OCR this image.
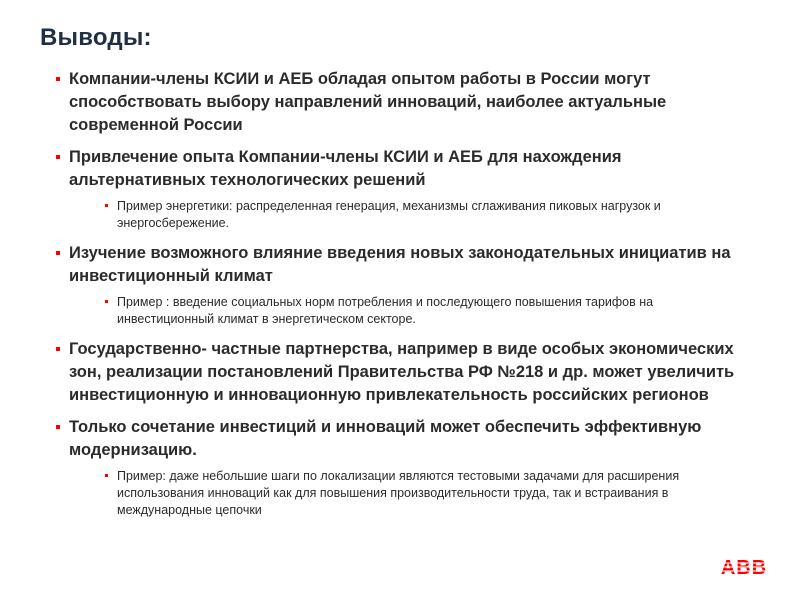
Выводы:
Компании-члены КСИИ и АЕБ обладая опытом работы в России могут способствовать выбору направлений инноваций, наиболее актуальные современной России
Привлечение опыта Компании-члены КСИИ и АЕБ для нахождения альтернативных технологических решений
Пример энергетики: распределенная генерация, механизмы сглаживания пиковых нагрузок и энергосбережение.
Изучение возможного влияние введения новых законодательных инициатив на инвестиционный климат
Пример : введение социальных норм потребления и последующего повышения тарифов на инвестиционный климат в энергетическом секторе.
Государственно- частные партнерства, например в виде особых экономических зон, реализации постановлений Правительства РФ №218 и др. может увеличить инвестиционную и инновационную привлекательность российских регионов
Только сочетание инвестиций и инноваций может обеспечить эффективную модернизацию.
Пример: даже небольшие шаги по локализации являются тестовыми задачами для расширения использования инноваций как для повышения производительности труда, так и встраивания в международные цепочки
ABB
